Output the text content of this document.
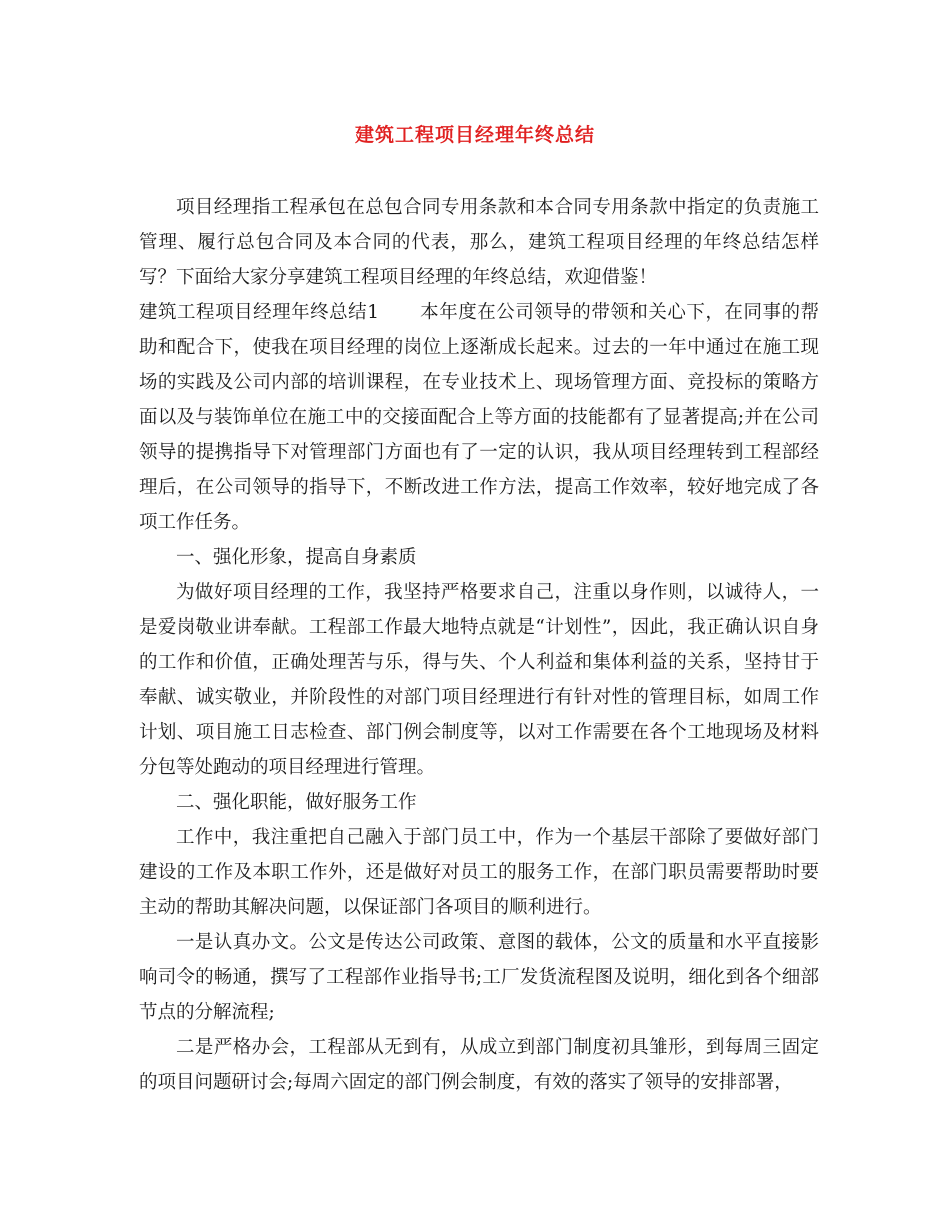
建筑工程项目经理年终总结

项目经理指工程承包在总包合同专用条款和本合同专用条款中指定的负责施工管理、履行总包合同及本合同的代表，那么，建筑工程项目经理的年终总结怎样写？下面给大家分享建筑工程项目经理的年终总结，欢迎借鉴！

建筑工程项目经理年终总结1 本年度在公司领导的带领和关心下，在同事的帮助和配合下，使我在项目经理的岗位上逐渐成长起来。过去的一年中通过在施工现场的实践及公司内部的培训课程，在专业技术上、现场管理方面、竞投标的策略方面以及与装饰单位在施工中的交接面配合上等方面的技能都有了显著提高;并在公司领导的提携指导下对管理部门方面也有了一定的认识，我从项目经理转到工程部经理后，在公司领导的指导下，不断改进工作方法，提高工作效率，较好地完成了各项工作任务。

一、强化形象，提高自身素质

为做好项目经理的工作，我坚持严格要求自己，注重以身作则，以诚待人，一是爱岗敬业讲奉献。工程部工作最大地特点就是“计划性”，因此，我正确认识自身的工作和价值，正确处理苦与乐，得与失、个人利益和集体利益的关系，坚持甘于奉献、诚实敬业，并阶段性的对部门项目经理进行有针对性的管理目标，如周工作计划、项目施工日志检查、部门例会制度等，以对工作需要在各个工地现场及材料分包等处跑动的项目经理进行管理。

二、强化职能，做好服务工作

工作中，我注重把自己融入于部门员工中，作为一个基层干部除了要做好部门建设的工作及本职工作外，还是做好对员工的服务工作，在部门职员需要帮助时要主动的帮助其解决问题，以保证部门各项目的顺利进行。

一是认真办文。公文是传达公司政策、意图的载体，公文的质量和水平直接影响司令的畅通，撰写了工程部作业指导书;工厂发货流程图及说明，细化到各个细部节点的分解流程;

二是严格办会，工程部从无到有，从成立到部门制度初具雏形，到每周三固定的项目问题研讨会;每周六固定的部门例会制度，有效的落实了领导的安排部署，
